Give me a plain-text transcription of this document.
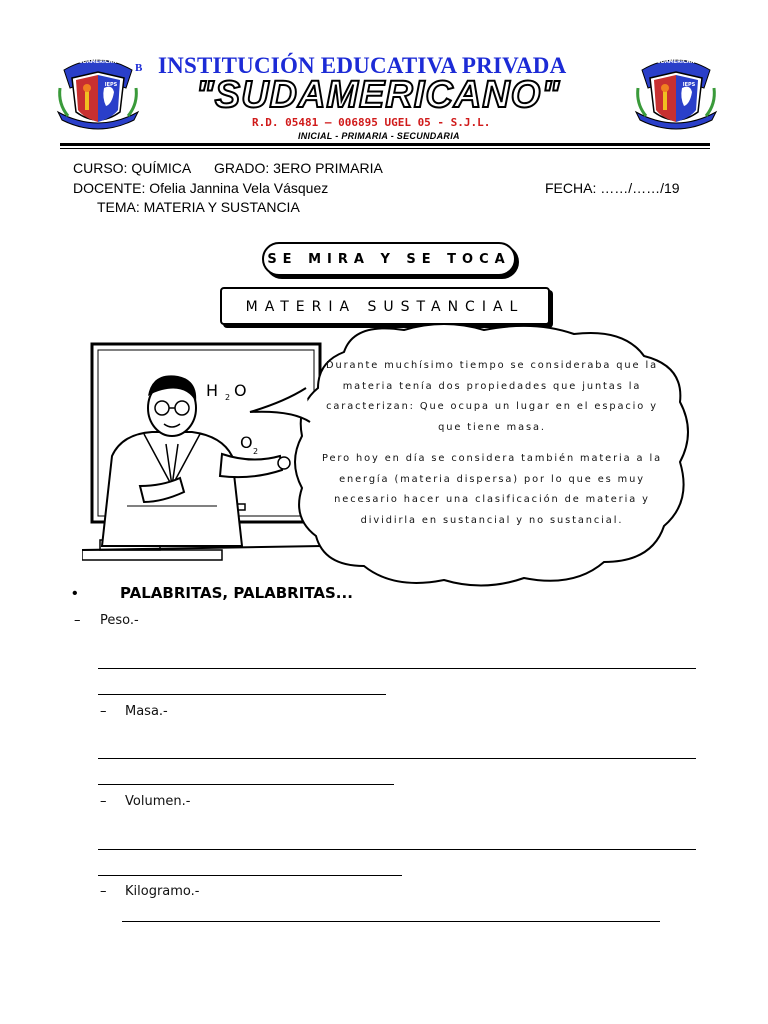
SUDAMERICANO
IEPS
SUDAMERICANO
IEPS
B INSTITUCIÓN EDUCATIVA PRIVADA
"SUDAMERICANO"
R.D. 05481 – 006895 UGEL 05 - S.J.L.
INICIAL - PRIMARIA - SECUNDARIA
CURSO: QUÍMICA GRADO: 3ERO PRIMARIA
DOCENTE: Ofelia Jannina Vela Vásquez	FECHA: ……/……/19
TEMA: MATERIA Y SUSTANCIA
SE MIRA Y SE TOCA
MATERIA SUSTANCIAL
H 2 O
O 2

Durante muchísimo tiempo se consideraba que la materia tenía dos propiedades que juntas la caracterizan: Que ocupa un lugar en el espacio y que tiene masa.

Pero hoy en día se considera también materia a la energía (materia dispersa) por lo que es muy necesario hacer una clasificación de materia y dividirla en sustancial y no sustancial.

•	PALABRITAS, PALABRITAS...
– Peso.-
– Masa.-
– Volumen.-
– Kilogramo.-
